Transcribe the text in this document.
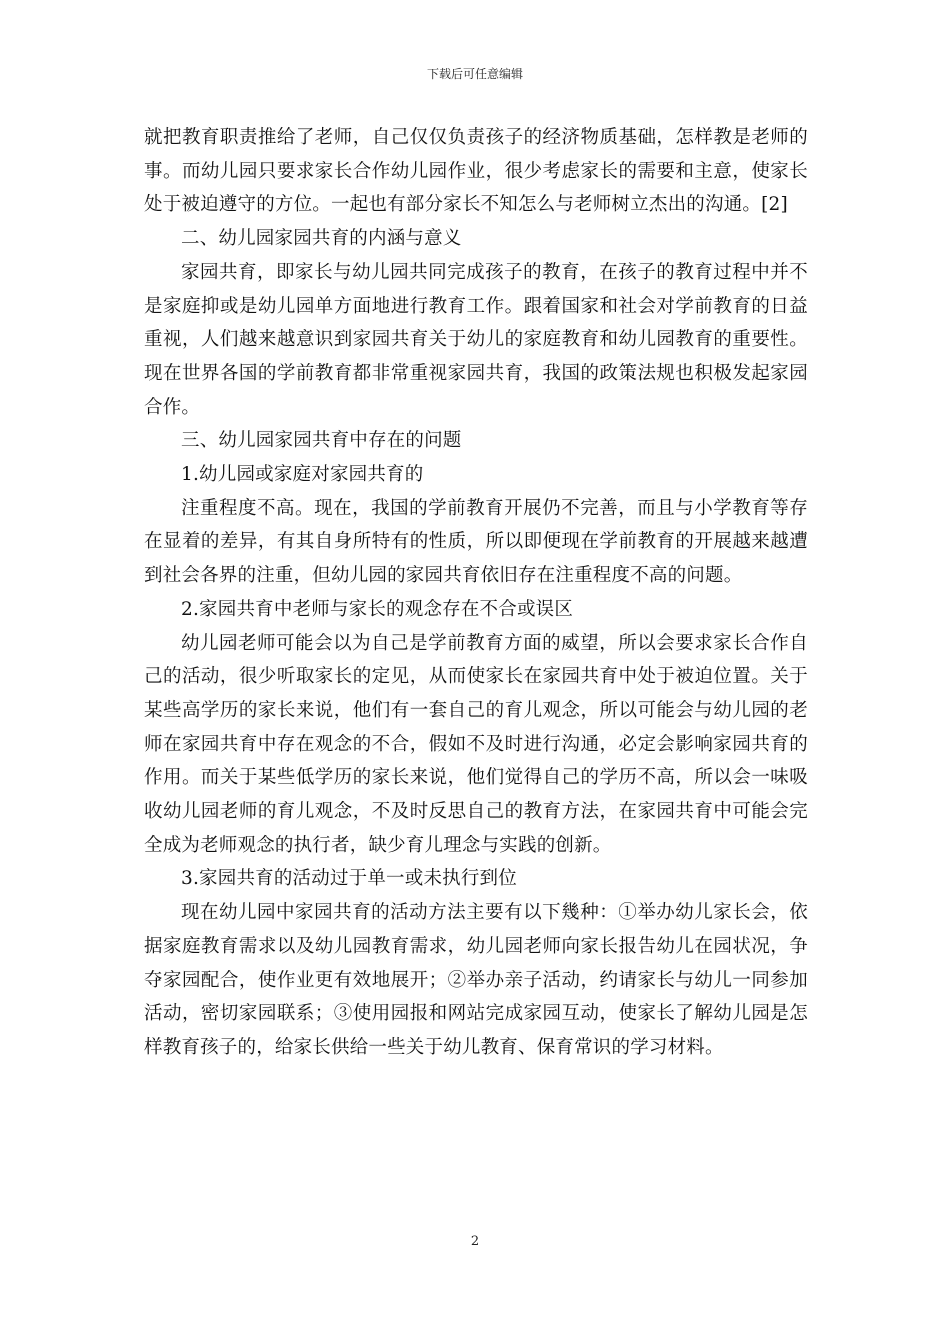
下载后可任意编辑

就把教育职责推给了老师，自己仅仅负责孩子的经济物质基础，怎样教是老师的事。而幼儿园只要求家长合作幼儿园作业，很少考虑家长的需要和主意，使家长处于被迫遵守的方位。一起也有部分家长不知怎么与老师树立杰出的沟通。[2]

二、幼儿园家园共育的内涵与意义

家园共育，即家长与幼儿园共同完成孩子的教育，在孩子的教育过程中并不是家庭抑或是幼儿园单方面地进行教育工作。跟着国家和社会对学前教育的日益重视，人们越来越意识到家园共育关于幼儿的家庭教育和幼儿园教育的重要性。现在世界各国的学前教育都非常重视家园共育，我国的政策法规也积极发起家园合作。

三、幼儿园家园共育中存在的问题

1.幼儿园或家庭对家园共育的

注重程度不高。现在，我国的学前教育开展仍不完善，而且与小学教育等存在显着的差异，有其自身所特有的性质，所以即便现在学前教育的开展越来越遭到社会各界的注重，但幼儿园的家园共育依旧存在注重程度不高的问题。

2.家园共育中老师与家长的观念存在不合或误区

幼儿园老师可能会以为自己是学前教育方面的威望，所以会要求家长合作自己的活动，很少听取家长的定见，从而使家长在家园共育中处于被迫位置。关于某些高学历的家长来说，他们有一套自己的育儿观念，所以可能会与幼儿园的老师在家园共育中存在观念的不合，假如不及时进行沟通，必定会影响家园共育的作用。而关于某些低学历的家长来说，他们觉得自己的学历不高，所以会一味吸收幼儿园老师的育儿观念，不及时反思自己的教育方法，在家园共育中可能会完全成为老师观念的执行者，缺少育儿理念与实践的创新。

3.家园共育的活动过于单一或未执行到位

现在幼儿园中家园共育的活动方法主要有以下幾种：①举办幼儿家长会，依据家庭教育需求以及幼儿园教育需求，幼儿园老师向家长报告幼儿在园状况，争夺家园配合，使作业更有效地展开；②举办亲子活动，约请家长与幼儿一同参加活动，密切家园联系；③使用园报和网站完成家园互动，使家长了解幼儿园是怎样教育孩子的，给家长供给一些关于幼儿教育、保育常识的学习材料。

2
